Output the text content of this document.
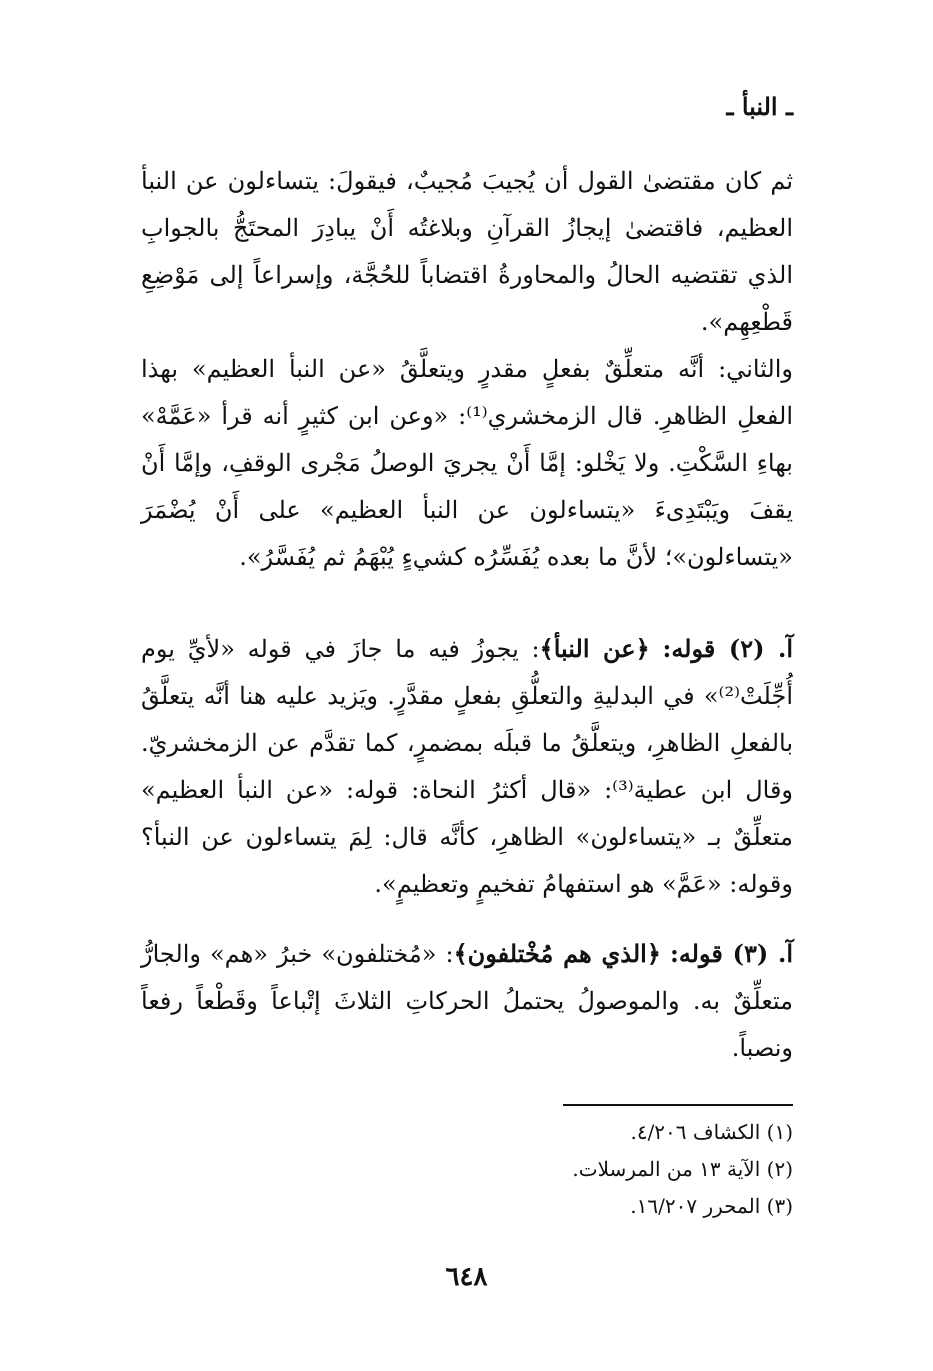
ـ النبأ ـ

ثم كان مقتضىٰ القول أن يُجيبَ مُجيبٌ، فيقولَ: يتساءلون عن النبأ العظيم، فاقتضىٰ إيجازُ القرآنِ وبلاغتُه أَنْ يبادِرَ المحتَجُّ بالجوابِ الذي تقتضيه الحالُ والمحاورةُ اقتضاباً للحُجَّة، وإسراعاً إلى مَوْضِعِ قَطْعِهِم».

والثاني: أنَّه متعلِّقٌ بفعلٍ مقدرٍ ويتعلَّقُ «عن النبأ العظيم» بهذا الفعلِ الظاهرِ. قال الزمخشري⁽¹⁾: «وعن ابن كثيرٍ أنه قرأ «عَمَّهْ» بهاءِ السَّكْتِ. ولا يَخْلو: إمَّا أَنْ يجريَ الوصلُ مَجْرى الوقفِ، وإمَّا أَنْ يقفَ ويَبْتَدِىءَ «يتساءلون عن النبأ العظيم» على أَنْ يُضْمَرَ «يتساءلون»؛ لأنَّ ما بعده يُفَسِّرُه كشيءٍ يُبْهَمُ ثم يُفَسَّرُ».

آ. (٢) قوله: ﴿عن النبأ﴾: يجوزُ فيه ما جازَ في قوله «لأيِّ يوم أُجِّلَتْ⁽²⁾» في البدليةِ والتعلُّقِ بفعلٍ مقدَّرٍ. ويَزيد عليه هنا أنَّه يتعلَّقُ بالفعلِ الظاهرِ، ويتعلَّقُ ما قبلَه بمضمرٍ، كما تقدَّم عن الزمخشريّ. وقال ابن عطية⁽³⁾: «قال أكثرُ النحاة: قوله: «عن النبأ العظيم» متعلِّقٌ بـ «يتساءلون» الظاهرِ، كأنَّه قال: لِمَ يتساءلون عن النبأ؟ وقوله: «عَمَّ» هو استفهامُ تفخيمٍ وتعظيمٍ».

آ. (٣) قوله: ﴿الذي هم مُخْتلفون﴾: «مُختلفون» خبرُ «هم» والجارُّ متعلِّقٌ به. والموصولُ يحتملُ الحركاتِ الثلاثَ إتْباعاً وقَطْعاً رفعاً ونصباً.

(١) الكشاف ٤/٢٠٦.

(٢) الآية ١٣ من المرسلات.

(٣) المحرر ١٦/٢٠٧.

٦٤٨
